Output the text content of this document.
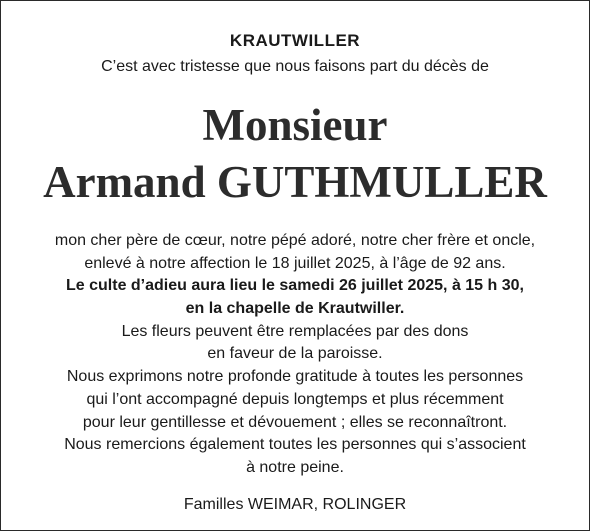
KRAUTWILLER
C’est avec tristesse que nous faisons part du décès de
Monsieur
Armand GUTHMULLER
mon cher père de cœur, notre pépé adoré, notre cher frère et oncle,
enlevé à notre affection le 18 juillet 2025, à l’âge de 92 ans.
Le culte d’adieu aura lieu le samedi 26 juillet 2025, à 15 h 30,
en la chapelle de Krautwiller.
Les fleurs peuvent être remplacées par des dons
en faveur de la paroisse.
Nous exprimons notre profonde gratitude à toutes les personnes
qui l’ont accompagné depuis longtemps et plus récemment
pour leur gentillesse et dévouement ; elles se reconnaîtront.
Nous remercions également toutes les personnes qui s’associent
à notre peine.
Familles WEIMAR, ROLINGER
